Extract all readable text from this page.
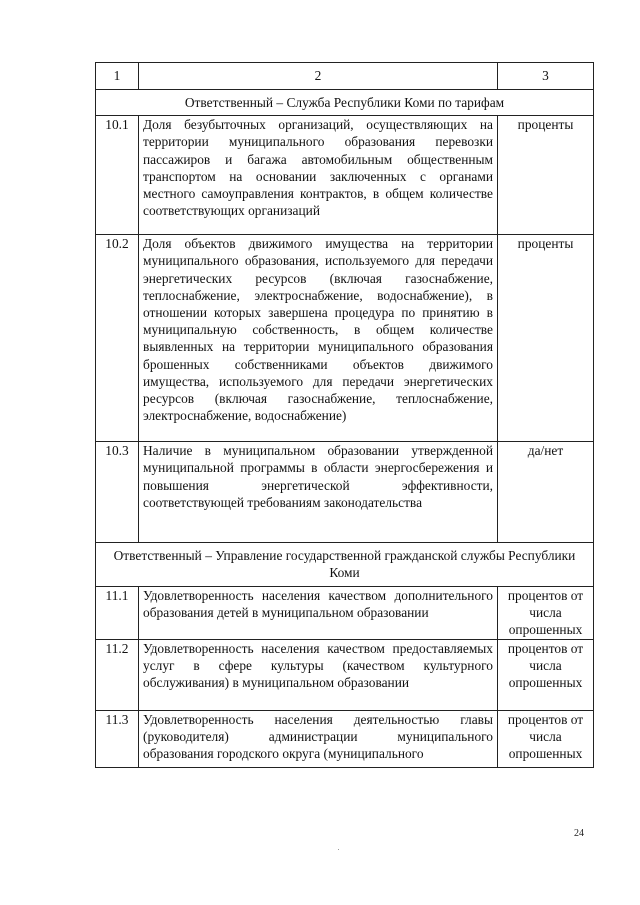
1	2	3
Ответственный – Служба Республики Коми по тарифам		
10.1	Доля безубыточных организаций, осуществляющих на территории муниципального образования перевозки пассажиров и багажа автомобильным общественным транспортом на основании заключенных с органами местного самоуправления контрактов, в общем количестве соответствующих организаций	проценты
10.2	Доля объектов движимого имущества на территории муниципального образования, используемого для передачи энергетических ресурсов (включая газоснабжение, теплоснабжение, электроснабжение, водоснабжение), в отношении которых завершена процедура по принятию в муниципальную собственность, в общем количестве выявленных на территории муниципального образования брошенных собственниками объектов движимого имущества, используемого для передачи энергетических ресурсов (включая газоснабжение, теплоснабжение, электроснабжение, водоснабжение)	проценты
10.3	Наличие в муниципальном образовании утвержденной муниципальной программы в области энергосбережения и повышения энергетической эффективности, соответствующей требованиям законодательства	да/нет
Ответственный – Управление государственной гражданской службы Республики Коми		
11.1	Удовлетворенность населения качеством дополнительного образования детей в муниципальном образовании	процентов от числа опрошенных
11.2	Удовлетворенность населения качеством предоставляемых услуг в сфере культуры (качеством культурного обслуживания) в муниципальном образовании	процентов от числа опрошенных
11.3	Удовлетворенность населения деятельностью главы (руководителя) администрации муниципального образования городского округа (муниципального	процентов от числа опрошенных
24
